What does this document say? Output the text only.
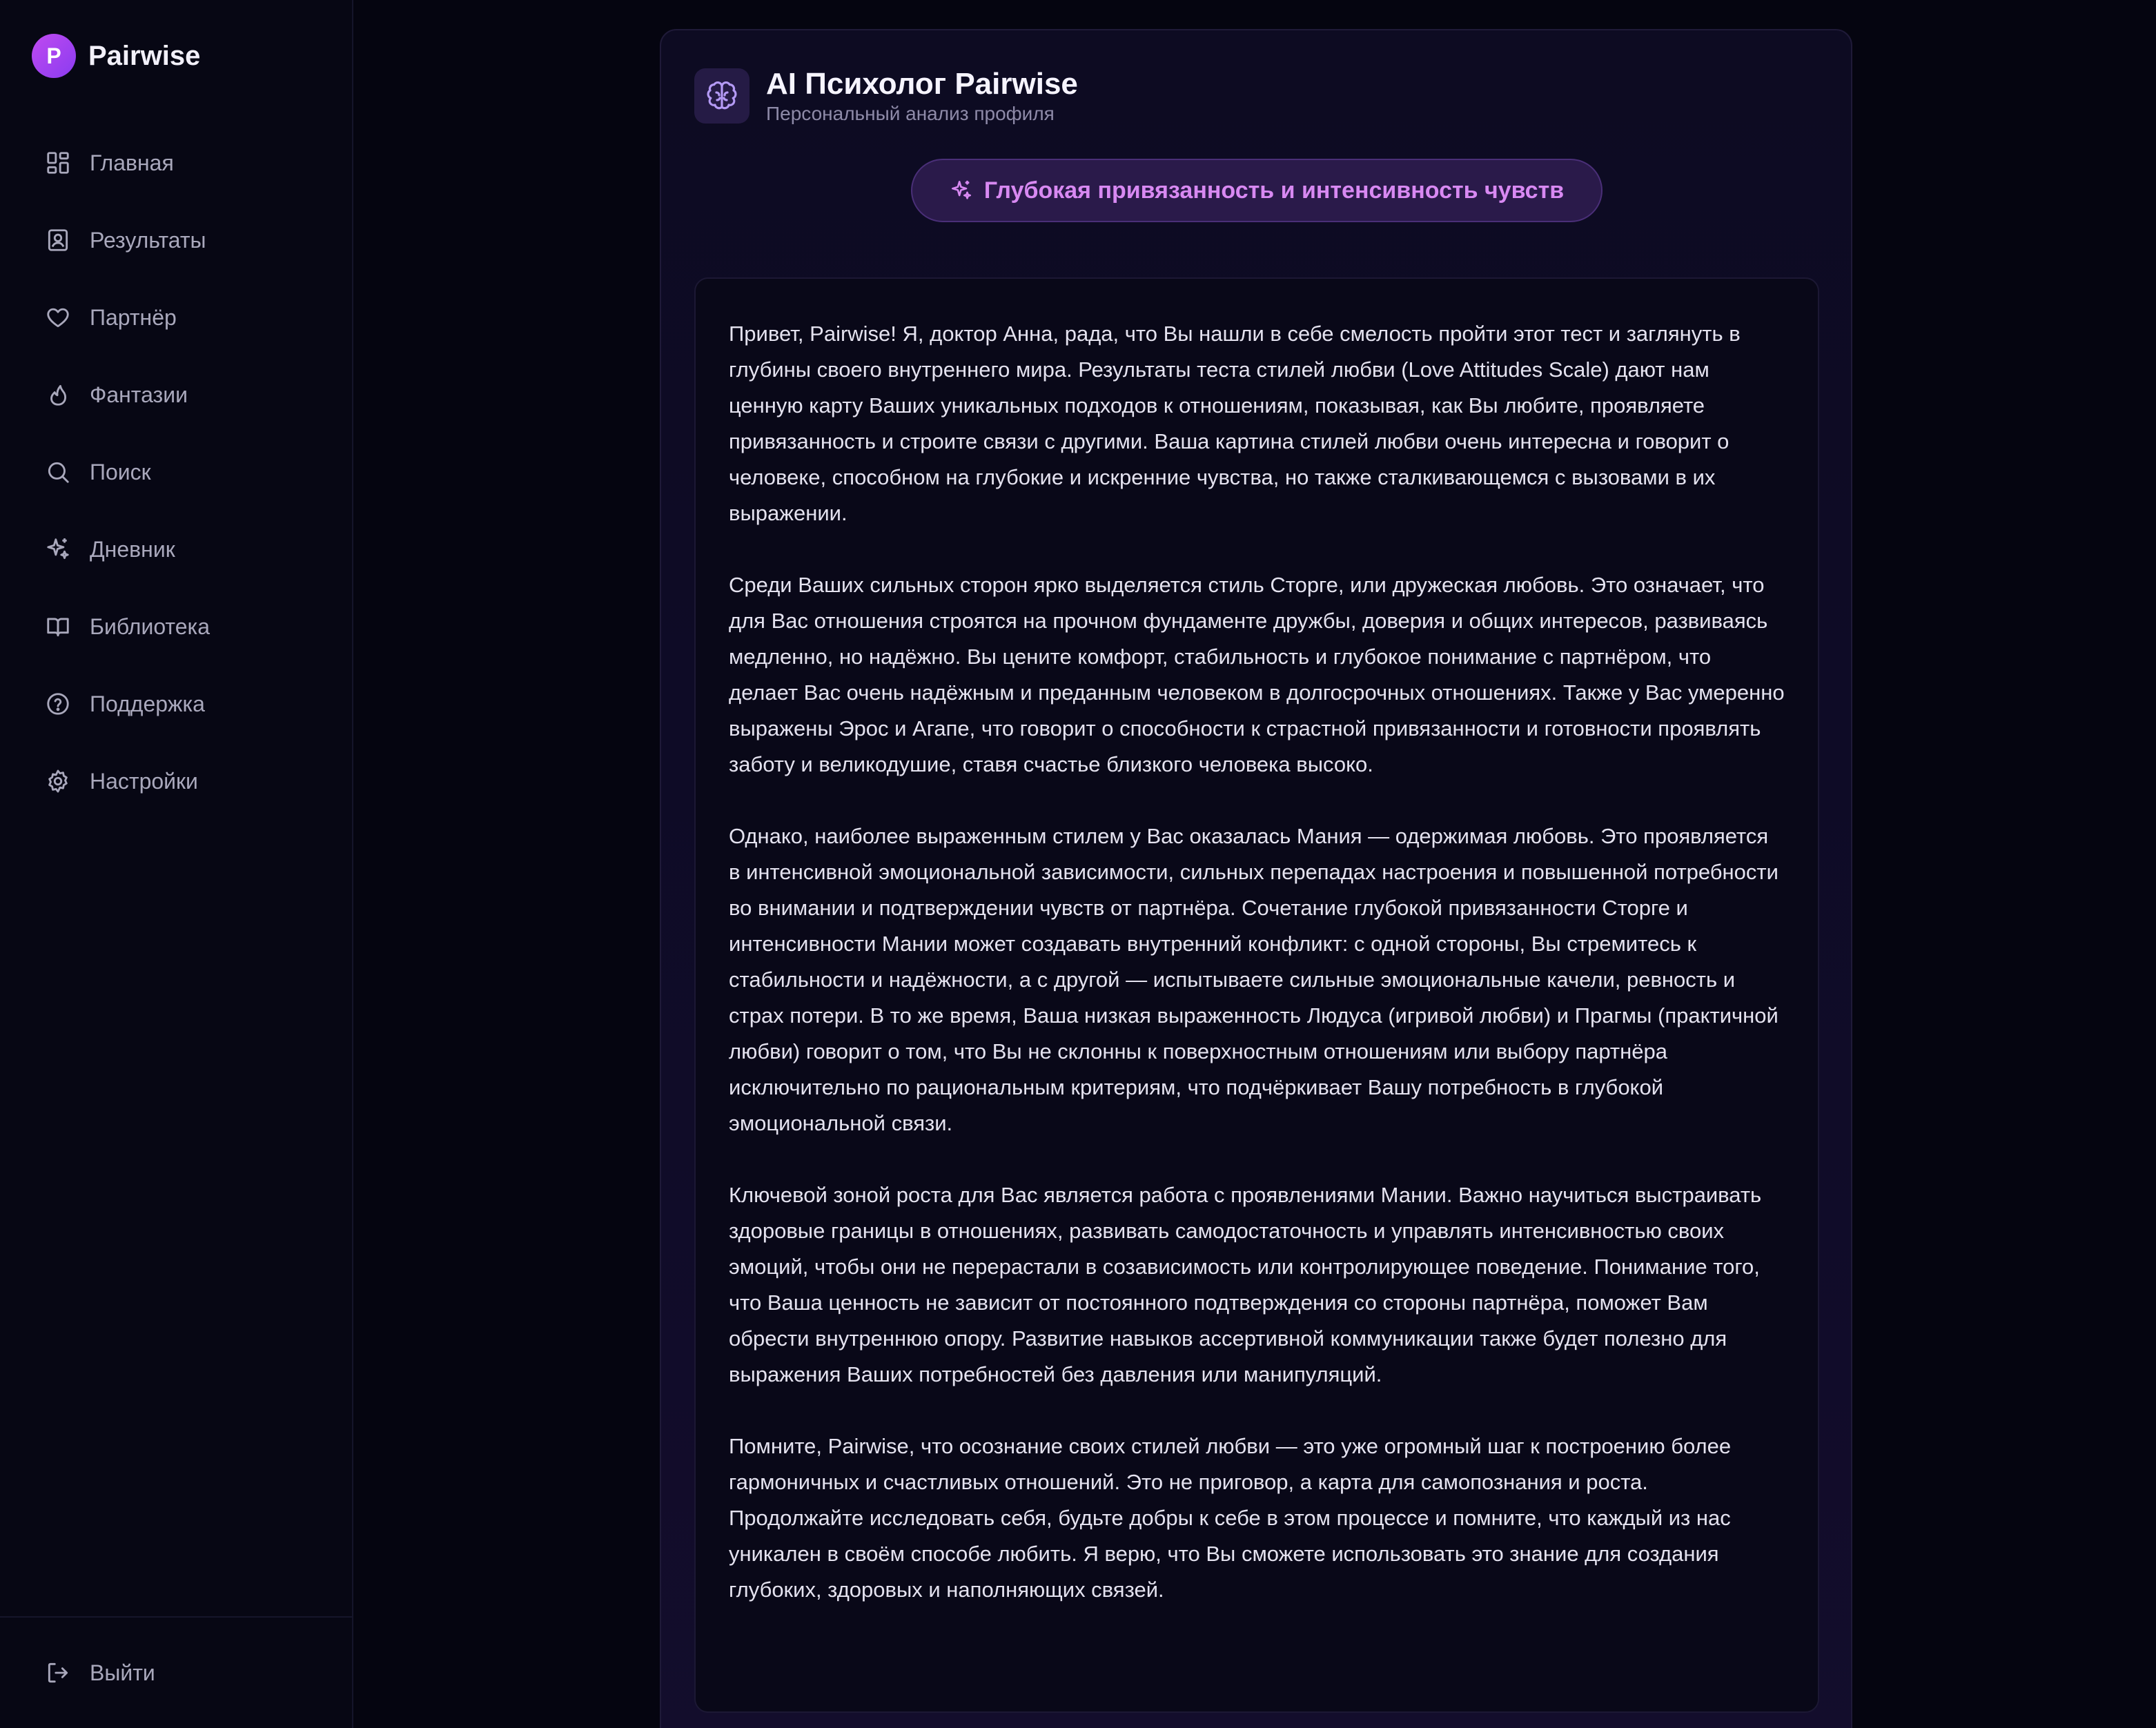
P Pairwise
Главная
Результаты
Партнёр
Фантазии
Поиск
Дневник
Библиотека
Поддержка
Настройки
Выйти
AI Психолог Pairwise
Персональный анализ профиля
Глубокая привязанность и интенсивность чувств

Привет, Pairwise! Я, доктор Анна, рада, что Вы нашли в себе смелость пройти этот тест и заглянуть в глубины своего внутреннего мира. Результаты теста стилей любви (Love Attitudes Scale) дают нам ценную карту Ваших уникальных подходов к отношениям, показывая, как Вы любите, проявляете привязанность и строите связи с другими. Ваша картина стилей любви очень интересна и говорит о человеке, способном на глубокие и искренние чувства, но также сталкивающемся с вызовами в их выражении.

Среди Ваших сильных сторон ярко выделяется стиль Сторге, или дружеская любовь. Это означает, что для Вас отношения строятся на прочном фундаменте дружбы, доверия и общих интересов, развиваясь медленно, но надёжно. Вы цените комфорт, стабильность и глубокое понимание с партнёром, что делает Вас очень надёжным и преданным человеком в долгосрочных отношениях. Также у Вас умеренно выражены Эрос и Агапе, что говорит о способности к страстной привязанности и готовности проявлять заботу и великодушие, ставя счастье близкого человека высоко.

Однако, наиболее выраженным стилем у Вас оказалась Мания — одержимая любовь. Это проявляется в интенсивной эмоциональной зависимости, сильных перепадах настроения и повышенной потребности во внимании и подтверждении чувств от партнёра. Сочетание глубокой привязанности Сторге и интенсивности Мании может создавать внутренний конфликт: с одной стороны, Вы стремитесь к стабильности и надёжности, а с другой — испытываете сильные эмоциональные качели, ревность и страх потери. В то же время, Ваша низкая выраженность Людуса (игривой любви) и Прагмы (практичной любви) говорит о том, что Вы не склонны к поверхностным отношениям или выбору партнёра исключительно по рациональным критериям, что подчёркивает Вашу потребность в глубокой эмоциональной связи.

Ключевой зоной роста для Вас является работа с проявлениями Мании. Важно научиться выстраивать здоровые границы в отношениях, развивать самодостаточность и управлять интенсивностью своих эмоций, чтобы они не перерастали в созависимость или контролирующее поведение. Понимание того, что Ваша ценность не зависит от постоянного подтверждения со стороны партнёра, поможет Вам обрести внутреннюю опору. Развитие навыков ассертивной коммуникации также будет полезно для выражения Ваших потребностей без давления или манипуляций.

Помните, Pairwise, что осознание своих стилей любви — это уже огромный шаг к построению более гармоничных и счастливых отношений. Это не приговор, а карта для самопознания и роста. Продолжайте исследовать себя, будьте добры к себе в этом процессе и помните, что каждый из нас уникален в своём способе любить. Я верю, что Вы сможете использовать это знание для создания глубоких, здоровых и наполняющих связей.
